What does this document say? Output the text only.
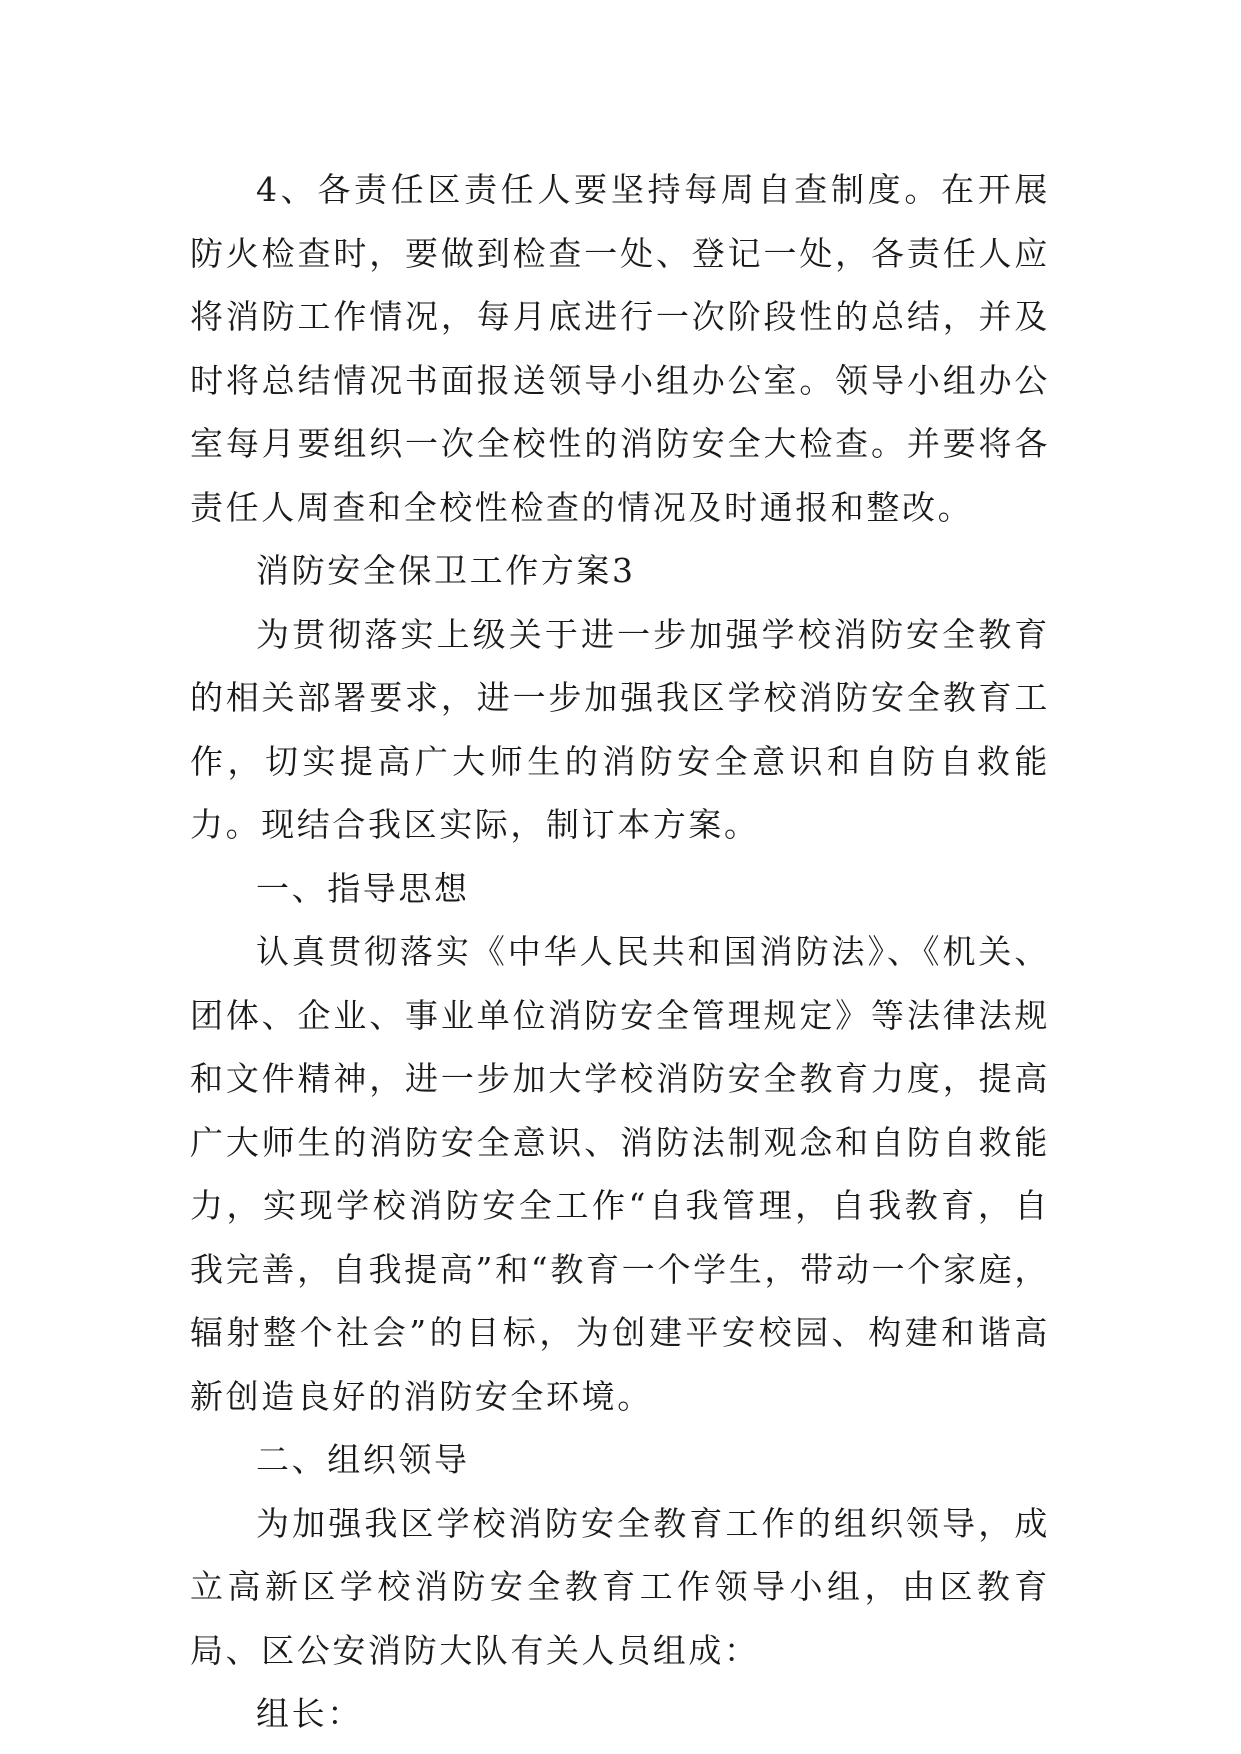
4、各责任区责任人要坚持每周自查制度。在开展防火检查时，要做到检查一处、登记一处，各责任人应将消防工作情况，每月底进行一次阶段性的总结，并及时将总结情况书面报送领导小组办公室。领导小组办公室每月要组织一次全校性的消防安全大检查。并要将各责任人周查和全校性检查的情况及时通报和整改。

消防安全保卫工作方案3

为贯彻落实上级关于进一步加强学校消防安全教育的相关部署要求，进一步加强我区学校消防安全教育工作，切实提高广大师生的消防安全意识和自防自救能力。现结合我区实际，制订本方案。

一、指导思想

认真贯彻落实《中华人民共和国消防法》、《机关、团体、企业、事业单位消防安全管理规定》等法律法规和文件精神，进一步加大学校消防安全教育力度，提高广大师生的消防安全意识、消防法制观念和自防自救能力，实现学校消防安全工作“自我管理，自我教育，自我完善，自我提高”和“教育一个学生，带动一个家庭，辐射整个社会”的目标，为创建平安校园、构建和谐高新创造良好的消防安全环境。

二、组织领导

为加强我区学校消防安全教育工作的组织领导，成立高新区学校消防安全教育工作领导小组，由区教育局、区公安消防大队有关人员组成：

组长：
